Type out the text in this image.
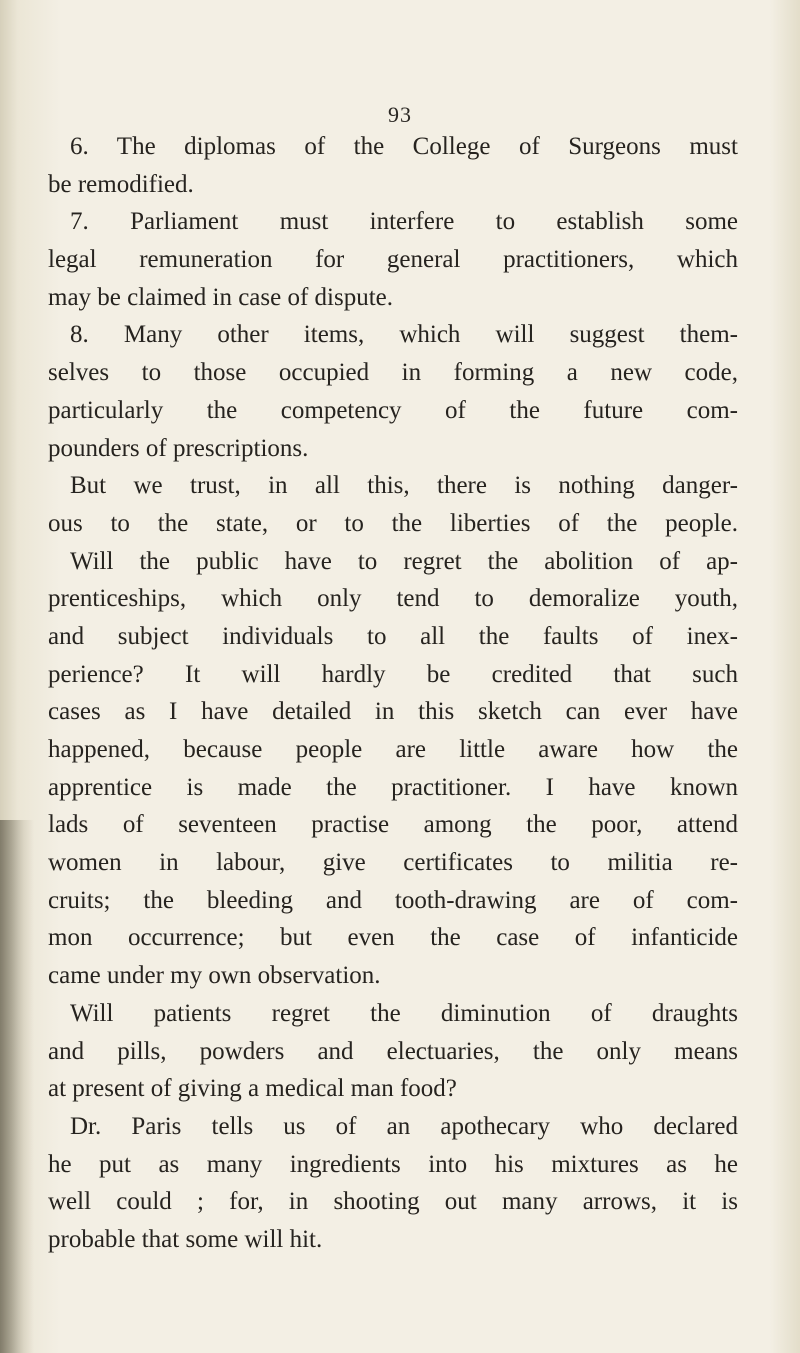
93
6. The diplomas of the College of Surgeons must
be remodified.
7. Parliament must interfere to establish some
legal remuneration for general practitioners, which
may be claimed in case of dispute.
8. Many other items, which will suggest them-
selves to those occupied in forming a new code,
particularly the competency of the future com-
pounders of prescriptions.
But we trust, in all this, there is nothing danger-
ous to the state, or to the liberties of the people.
Will the public have to regret the abolition of ap-
prenticeships, which only tend to demoralize youth,
and subject individuals to all the faults of inex-
perience? It will hardly be credited that such
cases as I have detailed in this sketch can ever have
happened, because people are little aware how the
apprentice is made the practitioner. I have known
lads of seventeen practise among the poor, attend
women in labour, give certificates to militia re-
cruits; the bleeding and tooth-drawing are of com-
mon occurrence; but even the case of infanticide
came under my own observation.
Will patients regret the diminution of draughts
and pills, powders and electuaries, the only means
at present of giving a medical man food?
Dr. Paris tells us of an apothecary who declared
he put as many ingredients into his mixtures as he
well could ; for, in shooting out many arrows, it is
probable that some will hit.
